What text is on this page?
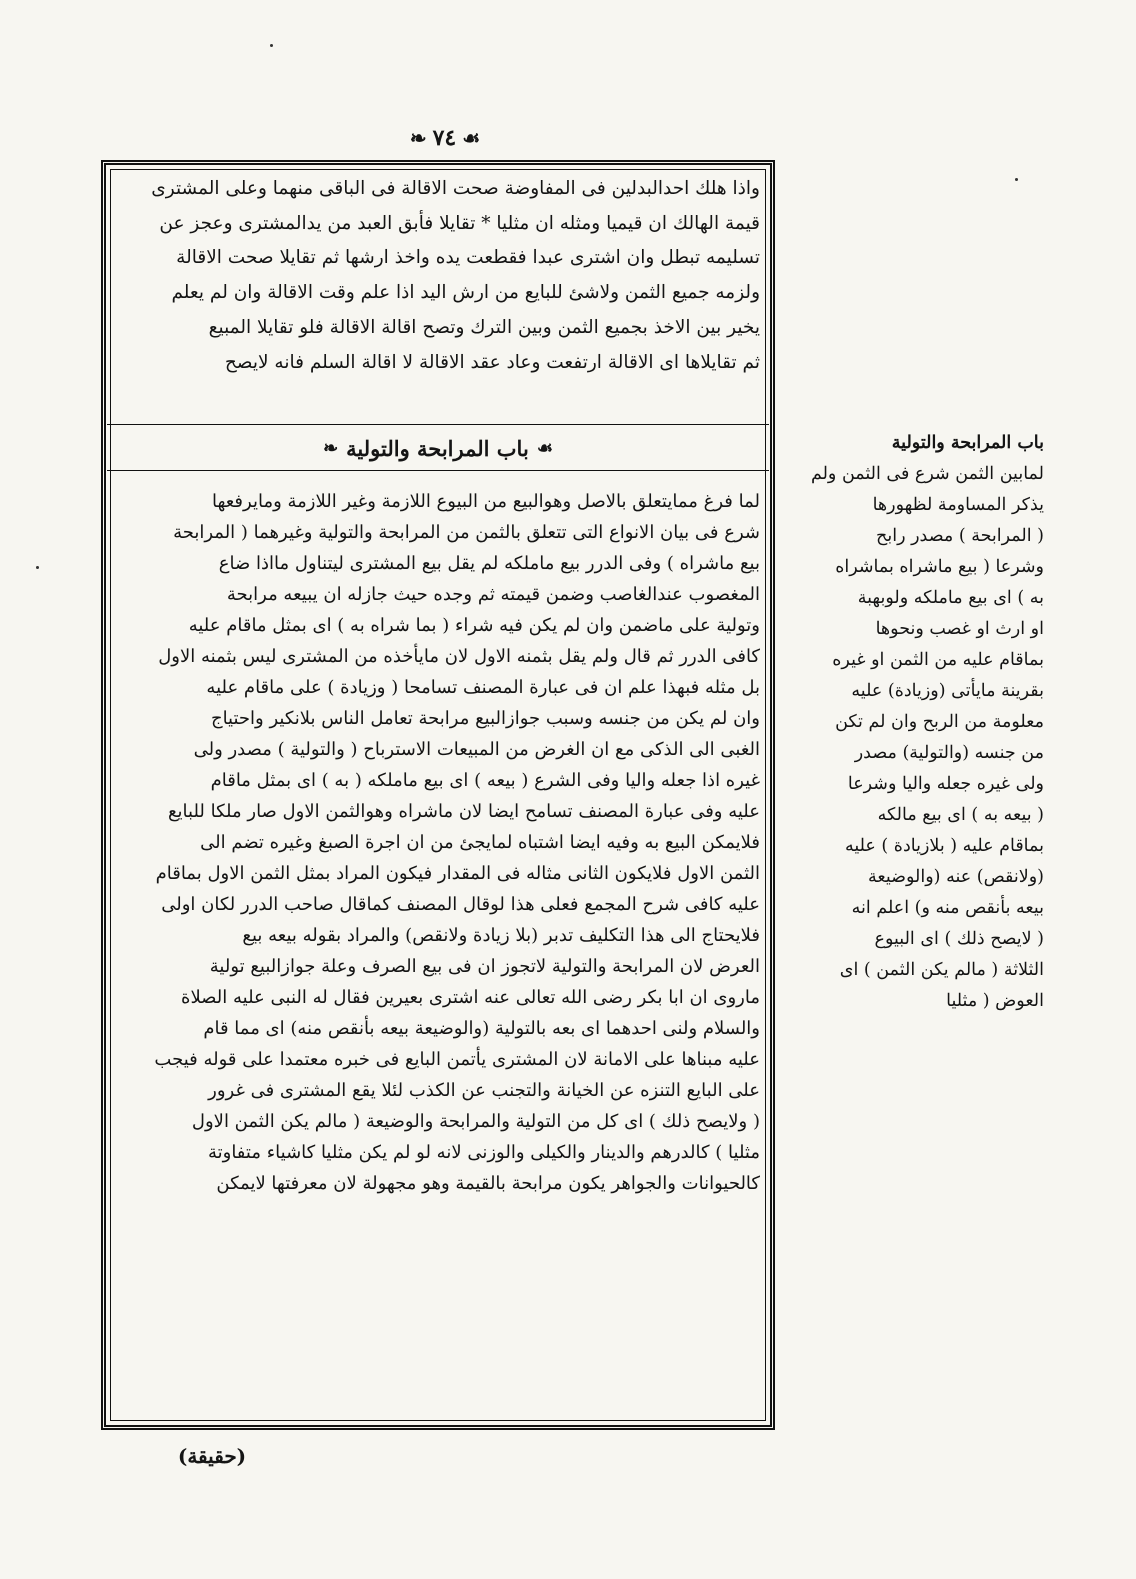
❧ ٧٤ ☙
واذا هلك احدالبدلين فى المفاوضة صحت الاقالة فى الباقى منهما وعلى المشترى
قيمة الهالك ان قيميا ومثله ان مثليا * تقايلا فأبق العبد من يدالمشترى وعجز عن
تسليمه تبطل وان اشترى عبدا فقطعت يده واخذ ارشها ثم تقايلا صحت الاقالة
ولزمه جميع الثمن ولاشئ للبايع من ارش اليد اذا علم وقت الاقالة وان لم يعلم
يخير بين الاخذ بجميع الثمن وبين الترك وتصح اقالة الاقالة فلو تقايلا المبيع
ثم تقايلاها اى الاقالة ارتفعت وعاد عقد الاقالة لا اقالة السلم فانه لايصح
☙
باب المرابحة والتولية
❧
لما فرغ ممايتعلق بالاصل وهوالبيع من البيوع اللازمة وغير اللازمة ومايرفعها
شرع فى بيان الانواع التى تتعلق بالثمن من المرابحة والتولية وغيرهما ( المرابحة
بيع ماشراه ) وفى الدرر بيع ماملكه لم يقل بيع المشترى ليتناول مااذا ضاع
المغصوب عندالغاصب وضمن قيمته ثم وجده حيث جازله ان يبيعه مرابحة
وتولية على ماضمن وان لم يكن فيه شراء ( بما شراه به ) اى بمثل ماقام عليه
كافى الدرر ثم قال ولم يقل بثمنه الاول لان مايأخذه من المشترى ليس بثمنه الاول
بل مثله فبهذا علم ان فى عبارة المصنف تسامحا ( وزيادة ) على ماقام عليه
وان لم يكن من جنسه وسبب جوازالبيع مرابحة تعامل الناس بلانكير واحتياج
الغبى الى الذكى مع ان الغرض من المبيعات الاسترباح ( والتولية ) مصدر ولى
غيره اذا جعله واليا وفى الشرع ( بيعه ) اى بيع ماملكه ( به ) اى بمثل ماقام
عليه وفى عبارة المصنف تسامح ايضا لان ماشراه وهوالثمن الاول صار ملكا للبايع
فلايمكن البيع به وفيه ايضا اشتباه لمايجئ من ان اجرة الصبغ وغيره تضم الى
الثمن الاول فلايكون الثانى مثاله فى المقدار فيكون المراد بمثل الثمن الاول بماقام
عليه كافى شرح المجمع فعلى هذا لوقال المصنف كماقال صاحب الدرر لكان اولى
فلايحتاج الى هذا التكليف تدبر (بلا زيادة ولانقص) والمراد بقوله بيعه بيع
العرض لان المرابحة والتولية لاتجوز ان فى بيع الصرف وعلة جوازالبيع تولية
ماروى ان ابا بكر رضى الله تعالى عنه اشترى بعيرين فقال له النبى عليه الصلاة
والسلام ولنى احدهما اى بعه بالتولية (والوضيعة بيعه بأنقص منه) اى مما قام
عليه مبناها على الامانة لان المشترى يأتمن البايع فى خبره معتمدا على قوله فيجب
على البايع التنزه عن الخيانة والتجنب عن الكذب لئلا يقع المشترى فى غرور
( ولايصح ذلك ) اى كل من التولية والمرابحة والوضيعة ( مالم يكن الثمن الاول
مثليا ) كالدرهم والدينار والكيلى والوزنى لانه لو لم يكن مثليا كاشياء متفاوتة
كالحيوانات والجواهر يكون مرابحة بالقيمة وهو مجهولة لان معرفتها لايمكن
باب المرابحة والتولية
لمابين الثمن شرع فى الثمن ولم
يذكر المساومة لظهورها
( المرابحة ) مصدر رابح
وشرعا ( بيع ماشراه بماشراه
به ) اى بيع ماملكه ولوبهبة
او ارث او غصب ونحوها
بماقام عليه من الثمن او غيره
بقرينة مايأتى (وزيادة) عليه
معلومة من الربح وان لم تكن
من جنسه (والتولية) مصدر
ولى غيره جعله واليا وشرعا
( بيعه به ) اى بيع مالكه
بماقام عليه ( بلازيادة ) عليه
(ولانقص) عنه (والوضيعة
بيعه بأنقص منه و) اعلم انه
( لايصح ذلك ) اى البيوع
الثلاثة ( مالم يكن الثمن ) اى
العوض ( مثليا
(حقيقة)
